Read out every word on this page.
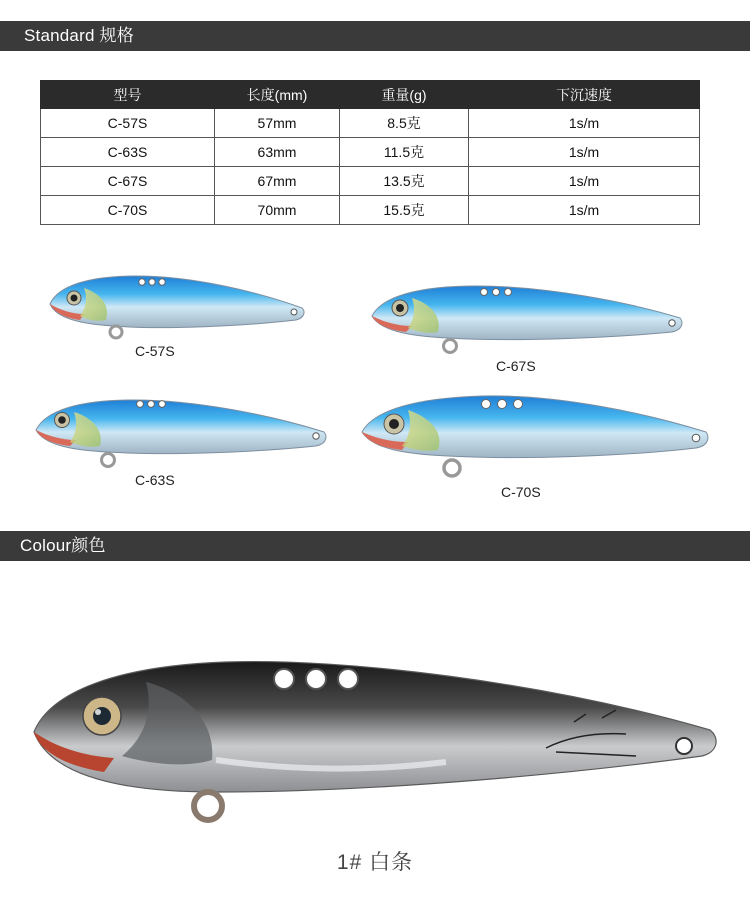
Standard 规格
型号	长度(mm)	重量(g)	下沉速度
C-57S	57mm	8.5克	1s/m
C-63S	63mm	11.5克	1s/m
C-67S	67mm	13.5克	1s/m
C-70S	70mm	15.5克	1s/m
C-57S
C-67S
C-63S
C-70S
Colour颜色
1# 白条
